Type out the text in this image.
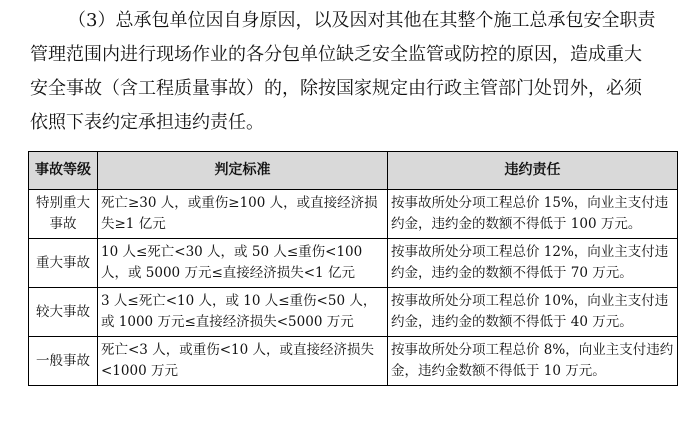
（3）总承包单位因自身原因，以及因对其他在其整个施工总承包安全职责
管理范围内进行现场作业的各分包单位缺乏安全监管或防控的原因，造成重大
安全事故（含工程质量事故）的，除按国家规定由行政主管部门处罚外，必须
依照下表约定承担违约责任。
事故等级	判定标准	违约责任
特别重大事故	死亡≥30 人，或重伤≥100 人，或直接经济损失≥1 亿元	按事故所处分项工程总价 15%，向业主支付违约金，违约金的数额不得低于 100 万元。
重大事故	10 人≤死亡<30 人，或 50 人≤重伤<100 人，或 5000 万元≤直接经济损失<1 亿元	按事故所处分项工程总价 12%，向业主支付违约金，违约金的数额不得低于 70 万元。
较大事故	3 人≤死亡<10 人，或 10 人≤重伤<50 人，或 1000 万元≤直接经济损失<5000 万元	按事故所处分项工程总价 10%，向业主支付违约金，违约金的数额不得低于 40 万元。
一般事故	死亡<3 人，或重伤<10 人，或直接经济损失<1000 万元	按事故所处分项工程总价 8%，向业主支付违约金，违约金数额不得低于 10 万元。
